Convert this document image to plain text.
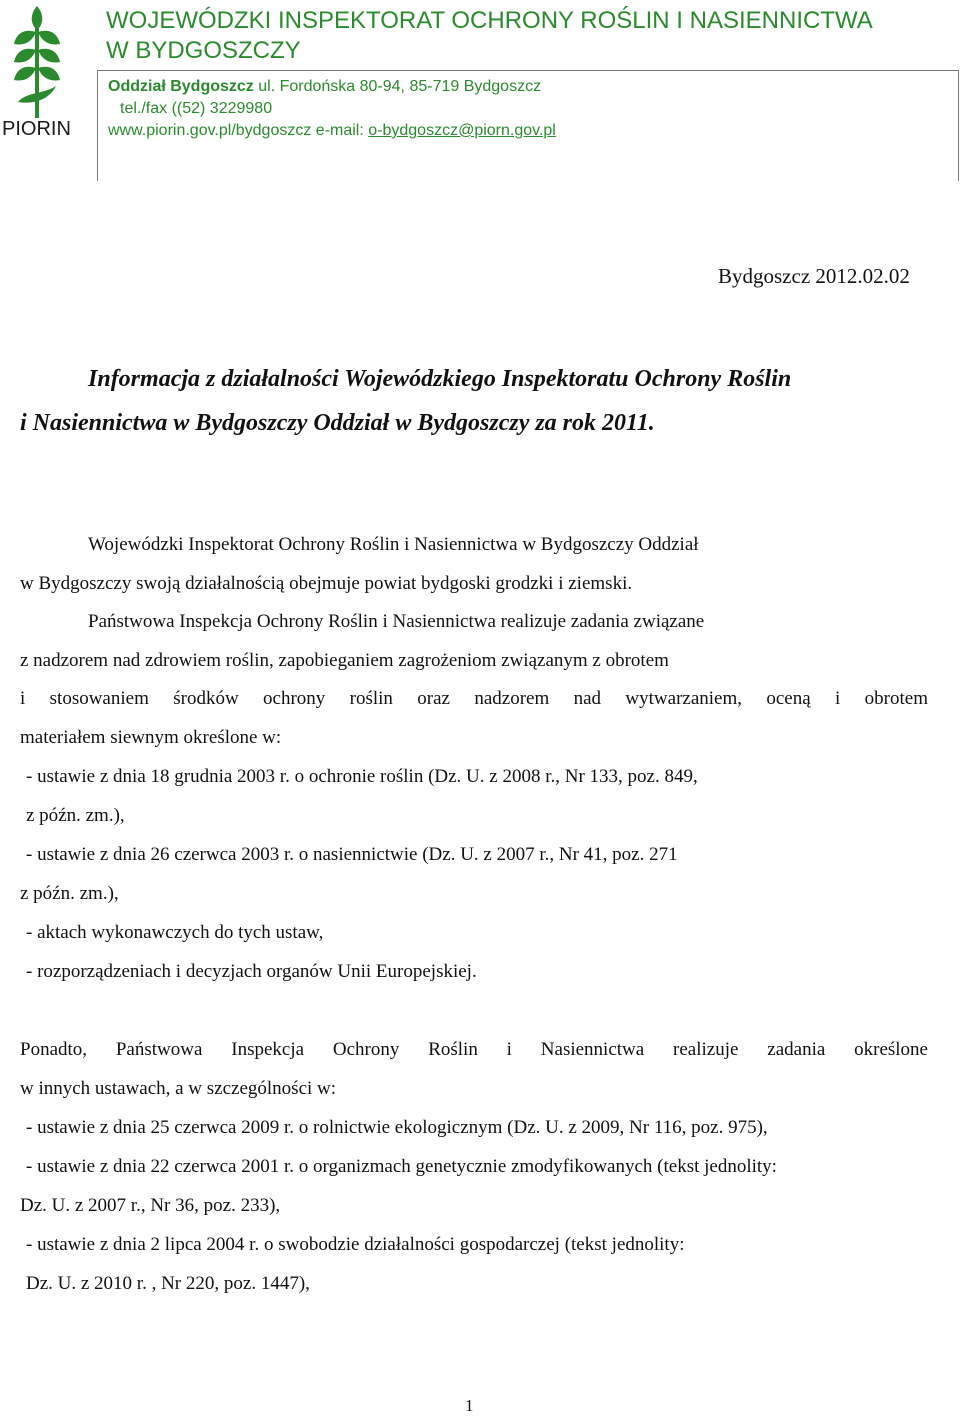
PIORIN
WOJEWÓDZKI INSPEKTORAT OCHRONY ROŚLIN I NASIENNICTWA
W BYDGOSZCZY
Oddział Bydgoszcz ul. Fordońska 80-94, 85-719 Bydgoszcz
tel./fax ((52) 3229980
www.piorin.gov.pl/bydgoszcz e-mail: o-bydgoszcz@piorn.gov.pl
Bydgoszcz 2012.02.02
Informacja z działalności Wojewódzkiego Inspektoratu Ochrony Roślin
i Nasiennictwa w Bydgoszczy Oddział w Bydgoszczy za rok 2011.
Wojewódzki Inspektorat Ochrony Roślin i Nasiennictwa w Bydgoszczy Oddział
w Bydgoszczy swoją działalnością obejmuje powiat bydgoski grodzki i ziemski.
Państwowa Inspekcja Ochrony Roślin i Nasiennictwa realizuje zadania związane
z nadzorem nad zdrowiem roślin, zapobieganiem zagrożeniom związanym z obrotem
i stosowaniem środków ochrony roślin oraz nadzorem nad wytwarzaniem, oceną i obrotem
materiałem siewnym określone w:
- ustawie z dnia 18 grudnia 2003 r. o ochronie roślin (Dz. U. z 2008 r., Nr 133, poz. 849,
z późn. zm.),
- ustawie z dnia 26 czerwca 2003 r. o nasiennictwie (Dz. U. z 2007 r., Nr 41, poz. 271
z późn. zm.),
- aktach wykonawczych do tych ustaw,
- rozporządzeniach i decyzjach organów Unii Europejskiej.
Ponadto, Państwowa Inspekcja Ochrony Roślin i Nasiennictwa realizuje zadania określone
w innych ustawach, a w szczególności w:
- ustawie z dnia 25 czerwca 2009 r. o rolnictwie ekologicznym (Dz. U. z 2009, Nr 116, poz. 975),
- ustawie z dnia 22 czerwca 2001 r. o organizmach genetycznie zmodyfikowanych (tekst jednolity:
Dz. U. z 2007 r., Nr 36, poz. 233),
- ustawie z dnia 2 lipca 2004 r. o swobodzie działalności gospodarczej (tekst jednolity:
Dz. U. z 2010 r. , Nr 220, poz. 1447),
1
